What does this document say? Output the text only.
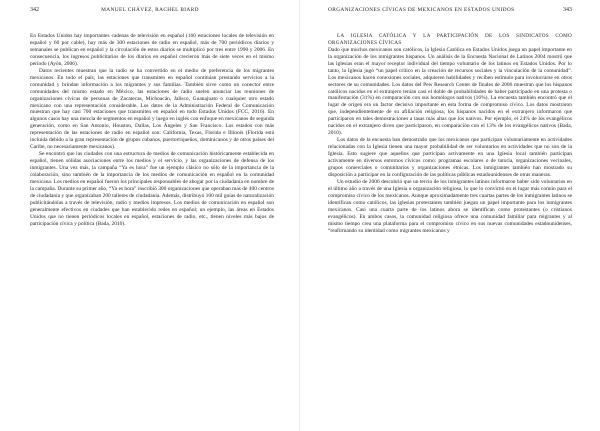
342	MANUEL CHÁVEZ, RACHEL BIARD

En Estados Unidos hay importantes cadenas de televisión en español (160 estaciones locales de televisión en español y 60 por cable), hay más de 300 estaciones de radio en español, más de 700 periódicos diarios y semanales se publican en español y la circulación de estos diarios se multiplicó por tres entre 1990 y 2006. En consecuencia, los ingresos publicitarios de los diarios en español crecieron más de siete veces en el mismo período (Ayón, 2006).

Datos recientes muestran que la radio se ha convertido en el medio de preferencia de los migrantes mexicanos. En todo el país, las estaciones que transmiten en español continúan prestando servicios a la comunidad y brindan información a los migrantes y sus familias. También sirve como un conector entre comunidades del mismo estado en México, las estaciones de radio suelen anunciar las reuniones de organizaciones cívicas de personas de Zacatecas, Michoacán, Jalisco, Guanajuato o cualquier otro estado mexicano con una representación considerable. Los datos de la Administración Federal de Comunicación muestran que hay casi 700 estaciones que transmiten en español en todo Estados Unidos (FCC, 2016). En algunos casos hay una mezcla de segmentos en español y luego en inglés con enfoque en mexicanos de segunda generación, como en San Antonio, Houston, Dallas, Los Ángeles y San Francisco. Los estados con más representación de las estaciones de radio en español son: California, Texas, Florida e Illinois (Florida está incluida debido a la gran representación de grupos cubanos, puertorriqueños, dominicanos y de otros países del Caribe, no necesariamente mexicanos).

Se encontró que las ciudades con una estructura de medios de comunicación históricamente establecida en español, tienen sólidas asociaciones entre los medios y el servicio, y las organizaciones de defensa de los inmigrantes. Una vez más, la campaña “Ya es hora” fue un ejemplo clásico no sólo de la importancia de la colaboración, sino también de la importancia de los medios de comunicación en español en la comunidad mexicana. Los medios en español fueron los principales responsables de abogar por la ciudadanía en nombre de la campaña. Durante su primer año, “Ya es hora” inscribió 300 organizaciones que operaban más de 400 centros de ciudadanía y que organizaban 200 talleres de ciudadanía. Además, distribuyó 100 mil guías de naturalización publicitándolas a través de televisión, radio y medios impresos. Los medios de comunicación en español son generalmente efectivos en ciudades que han establecido redes en español; un ejemplo, las áreas en Estados Unidos que no tienen periódicos locales en español, estaciones de radio, etc., tienen niveles más bajos de participación cívica y política (Bada, 2010).

ORGANIZACIONES CÍVICAS DE MEXICANOS EN ESTADOS UNIDOS	343

LA IGLESIA CATÓLICA Y LA PARTICIPACIÓN DE LOS SINDICATOS COMO ORGANIZACIONES CÍVICAS

Dado que muchos mexicanos son católicos, la Iglesia Católica en Estados Unidos juega un papel importante en la organización de los inmigrantes hispanos. Un análisis de la Encuesta Nacional de Latinos 2004 mostró que las iglesias eran el mayor receptor individual del tiempo voluntario de los latinos en Estados Unidos. Por lo tanto, la Iglesia jugó “un papel crítico en la creación de recursos sociales y la vinculación de la comunidad”. Los mexicanos hacen conexiones sociales, adquieren habilidades y reciben estímulo para involucrarse en otros sectores de su comunidades. Los datos del Pew Research Center de finales de 2006 muestran que los hispanos católicos nacidos en el extranjero tenían casi el doble de probabilidades de haber participado en una protesta o manifestación (31%) en comparación con sus homólogos nativos (16%). La encuesta también encontró que el lugar de origen era un factor decisivo importante en esta forma de compromiso cívico. Los datos mostraron que, independientemente de su afiliación religiosa, los hispanos nacidos en el extranjero informaron que participaron en tales demostraciones a tasas más altas que los nativos. Por ejemplo, el 24% de los evangélicos nacidos en el extranjero dicen que participaron, en comparación con el 13% de los evangélicos nativos (Bada, 2010).

Los datos de la encuesta han demostrado que los mexicanos que participan voluntariamente en actividades relacionadas con la Iglesia tienen una mayor probabilidad de ser voluntarios en actividades que no son de la Iglesia. Esto sugiere que aquellos que participan activamente en una Iglesia local también participan activamente en diversos entornos cívicos como: programas escolares o de tutoría, organizaciones vecinales, grupos comerciales o comunitarios y organizaciones étnicas. Los inmigrantes también han mostrado su disposición a participar en la configuración de las políticas públicas estadounidenses de otras maneras.

Un estudio de 2006 descubrió que un tercio de los inmigrantes latinos informaron haber sido voluntarios en el último año a través de una Iglesia u organización religiosa, lo que lo convirtió en el lugar más común para el compromiso cívico de los mexicanos. Aunque aproximadamente tres cuartas partes de los inmigrantes latinos se identifican como católicos, las iglesias protestantes también juegan un papel importante para los inmigrantes mexicanos. Casi una cuarta parte de los latinos ahora se identifican como protestantes (o cristianos evangélicos). En ambos casos, la comunidad religiosa ofrece una comunidad familiar para migrantes y al mismo tiempo crea una plataforma para el compromiso cívico en sus nuevas comunidades estadounidenses, “reafirmando su identidad como migrantes mexicanos y
